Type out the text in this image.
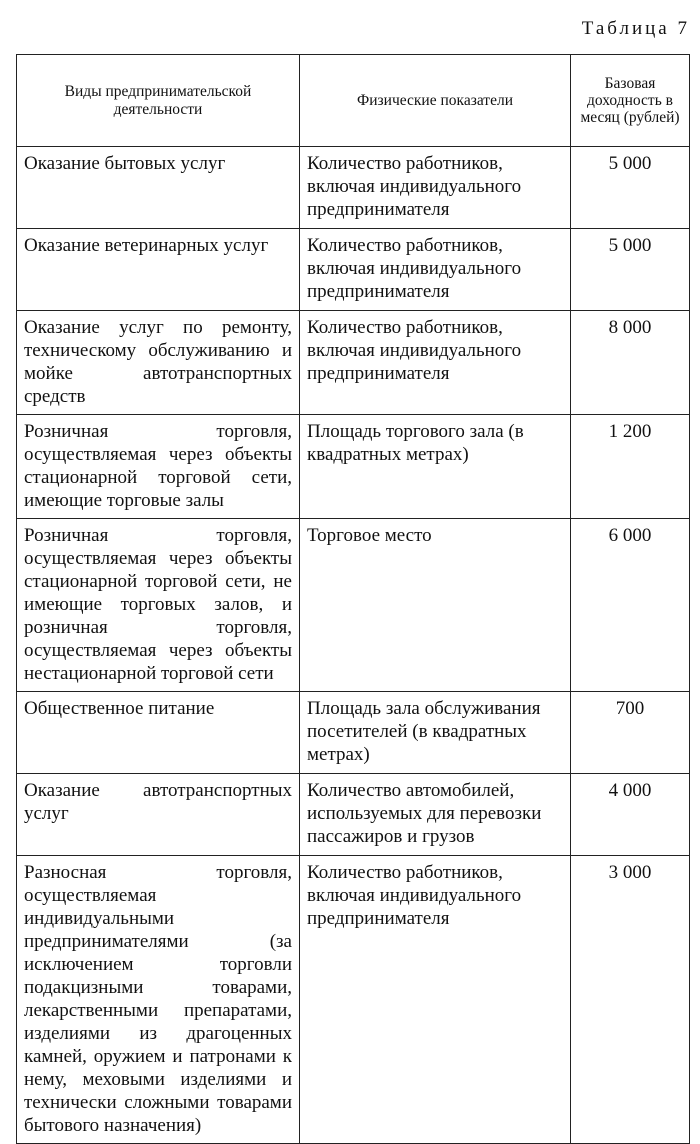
Таблица 7
Виды предпринимательской деятельности	Физические показатели	Базовая доходность в месяц (рублей)
Оказание бытовых услуг	Количество работников, включая индивидуального предпринимателя	5 000
Оказание ветеринарных услуг	Количество работников, включая индивидуального предпринимателя	5 000
Оказание услуг по ремонту, техническому обслуживанию и мойке автотранспортных средств	Количество работников, включая индивидуального предпринимателя	8 000
Розничная торговля, осуществляемая через объекты стационарной торговой сети, имеющие торговые залы	Площадь торгового зала (в квадратных метрах)	1 200
Розничная торговля, осуществляемая через объекты стационарной торговой сети, не имеющие торговых залов, и розничная торговля, осуществляемая через объекты нестационарной торговой сети	Торговое место	6 000
Общественное питание	Площадь зала обслуживания посетителей (в квадратных метрах)	700
Оказание автотранспортных услуг	Количество автомобилей, используемых для перевозки пассажиров и грузов	4 000
Разносная торговля, осуществляемая индивидуальными предпринимателями (за исключением торговли подакцизными товарами, лекарственными препаратами, изделиями из драгоценных камней, оружием и патронами к нему, меховыми изделиями и технически сложными товарами бытового назначения)	Количество работников, включая индивидуального предпринимателя	3 000
